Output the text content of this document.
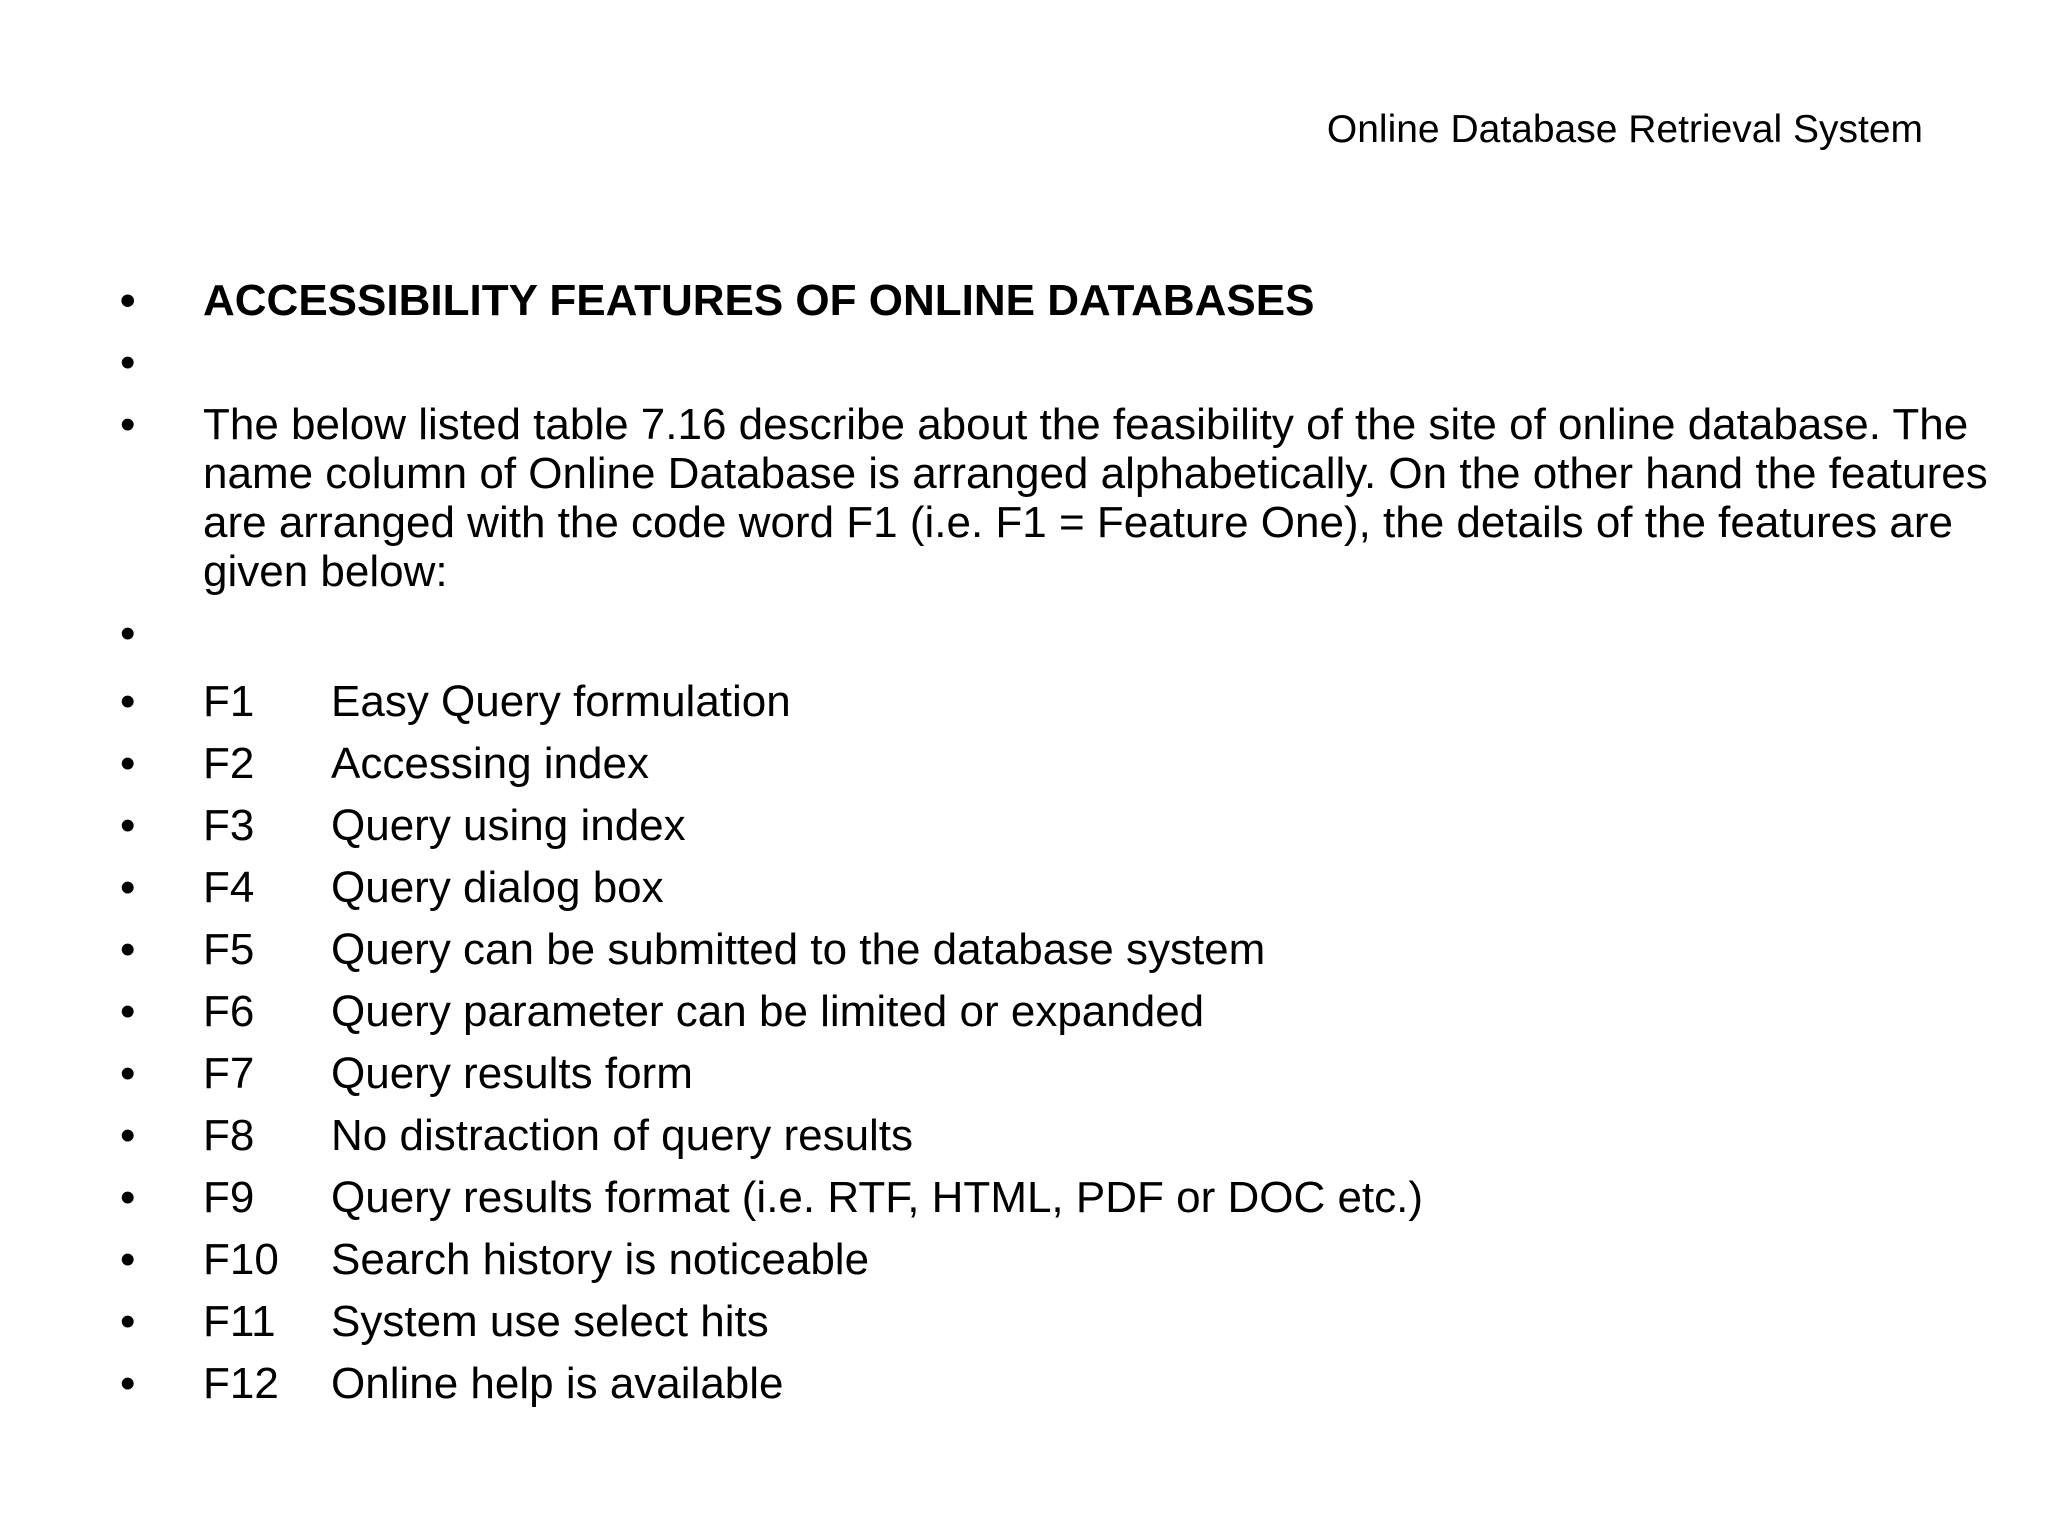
Online Database Retrieval System
• ACCESSIBILITY FEATURES OF ONLINE DATABASES
•
• The below listed table 7.16 describe about the feasibility of the site of online database. The name column of Online Database is arranged alphabetically. On the other hand the features are arranged with the code word F1 (i.e. F1 = Feature One), the details of the features are given below:
•
• F1 Easy Query formulation
• F2 Accessing index
• F3 Query using index
• F4 Query dialog box
• F5 Query can be submitted to the database system
• F6 Query parameter can be limited or expanded
• F7 Query results form
• F8 No distraction of query results
• F9 Query results format (i.e. RTF, HTML, PDF or DOC etc.)
• F10 Search history is noticeable
• F11 System use select hits
• F12 Online help is available
